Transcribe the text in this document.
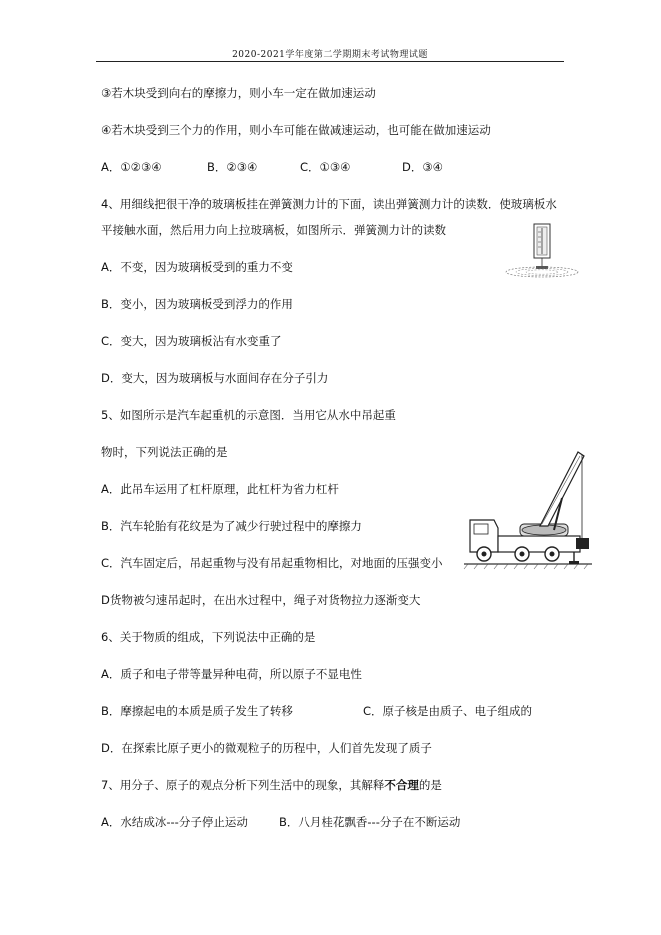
2020-2021学年度第二学期期末考试物理试题
③若木块受到向右的摩擦力，则小车一定在做加速运动
④若木块受到三个力的作用，则小车可能在做减速运动，也可能在做加速运动
A．①②③④	B．②③④	C．①③④	D．③④
4、用细线把很干净的玻璃板挂在弹簧测力计的下面，读出弹簧测力计的读数．使玻璃板水
平接触水面，然后用力向上拉玻璃板，如图所示．弹簧测力计的读数
A．不变，因为玻璃板受到的重力不变
B．变小，因为玻璃板受到浮力的作用
C．变大，因为玻璃板沾有水变重了
D．变大，因为玻璃板与水面间存在分子引力
5、如图所示是汽车起重机的示意图．当用它从水中吊起重
物时，下列说法正确的是
A．此吊车运用了杠杆原理，此杠杆为省力杠杆
B．汽车轮胎有花纹是为了减少行驶过程中的摩擦力
C．汽车固定后，吊起重物与没有吊起重物相比，对地面的压强变小
D货物被匀速吊起时，在出水过程中，绳子对货物拉力逐渐变大
6、关于物质的组成，下列说法中正确的是
A．质子和电子带等量异种电荷，所以原子不显电性
B．摩擦起电的本质是质子发生了转移	C．原子核是由质子、电子组成的
D．在探索比原子更小的微观粒子的历程中，人们首先发现了质子
7、用分子、原子的观点分析下列生活中的现象，其解释不合理的是
A．水结成冰---分子停止运动	B．八月桂花飘香---分子在不断运动
